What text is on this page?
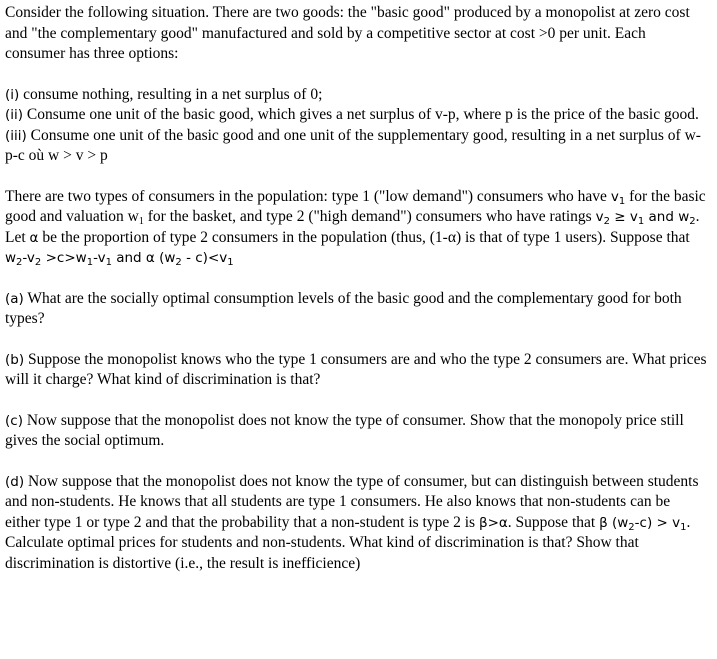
Consider the following situation. There are two goods: the "basic good" produced by a monopolist at zero cost and "the complementary good" manufactured and sold by a competitive sector at cost >0 per unit. Each consumer has three options:

(i) consume nothing, resulting in a net surplus of 0;

(ii) Consume one unit of the basic good, which gives a net surplus of v-p, where p is the price of the basic good.

(iii) Consume one unit of the basic good and one unit of the supplementary good, resulting in a net surplus of w-p-c où w > v > p

There are two types of consumers in the population: type 1 ("low demand") consumers who have $v_1$ for the basic good and valuation $w_1$ for the basket, and type 2 ("high demand") consumers who have ratings $v_2 \ge v_1$ and $w_2$. Let α be the proportion of type 2 consumers in the population (thus, (1-α) is that of type 1 users). Suppose that $w_2-v_2 >c>w_1-v_1$ and α $(w_2 - c)<v_1$

(a) What are the socially optimal consumption levels of the basic good and the complementary good for both types?

(b) Suppose the monopolist knows who the type 1 consumers are and who the type 2 consumers are. What prices will it charge? What kind of discrimination is that?

(c) Now suppose that the monopolist does not know the type of consumer. Show that the monopoly price still gives the social optimum.

(d) Now suppose that the monopolist does not know the type of consumer, but can distinguish between students and non-students. He knows that all students are type 1 consumers. He also knows that non-students can be either type 1 or type 2 and that the probability that a non-student is type 2 is β>α. Suppose that β $(w_2-c) > v_1$. Calculate optimal prices for students and non-students. What kind of discrimination is that? Show that discrimination is distortive (i.e., the result is inefficience)
